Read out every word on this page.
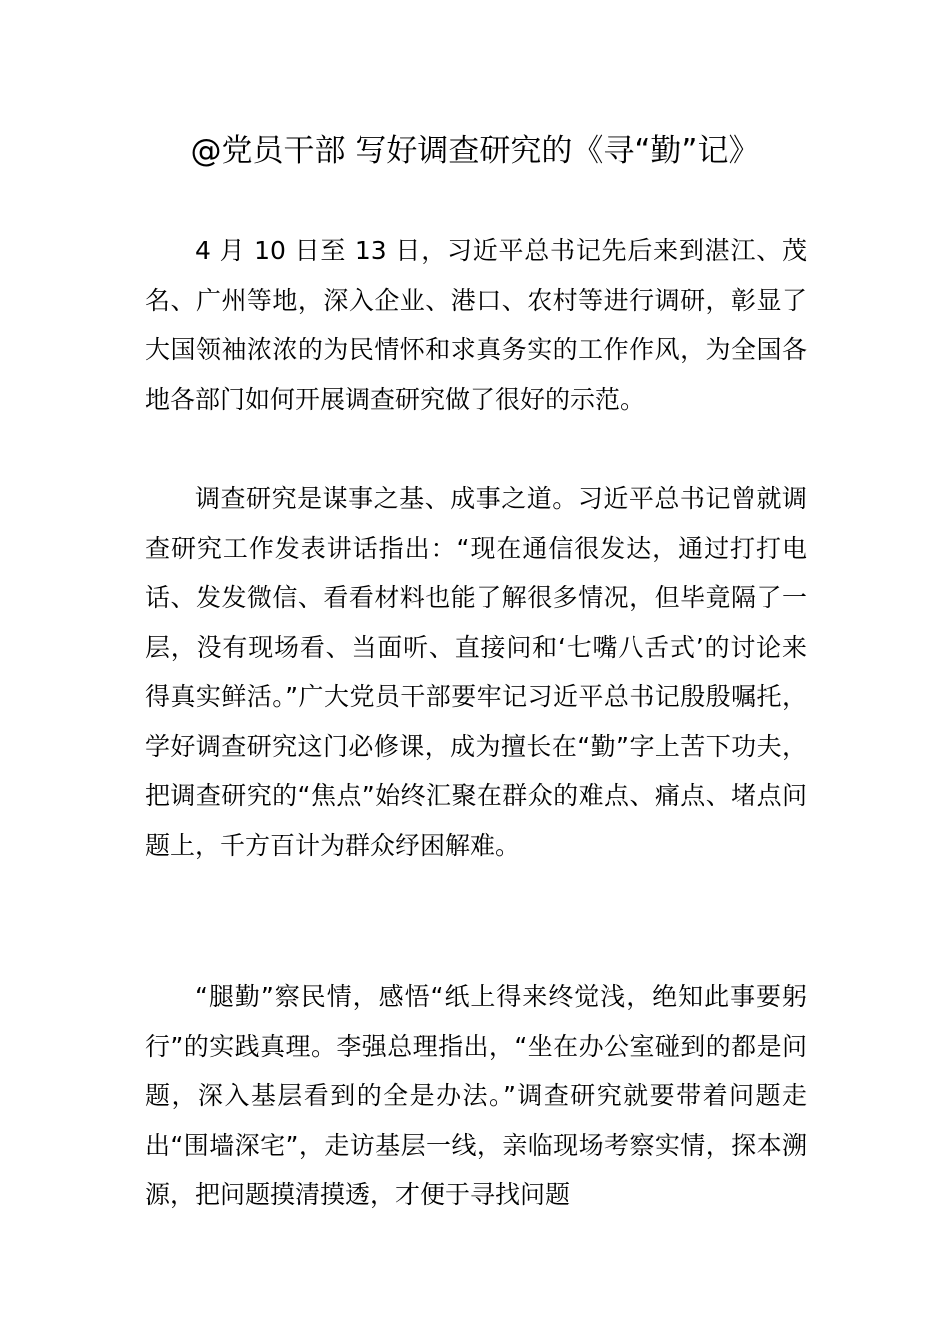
@党员干部 写好调查研究的《寻“勤”记》

4 月 10 日至 13 日，习近平总书记先后来到湛江、茂名、广州等地，深入企业、港口、农村等进行调研，彰显了大国领袖浓浓的为民情怀和求真务实的工作作风，为全国各地各部门如何开展调查研究做了很好的示范。

调查研究是谋事之基、成事之道。习近平总书记曾就调查研究工作发表讲话指出：“现在通信很发达，通过打打电话、发发微信、看看材料也能了解很多情况，但毕竟隔了一层，没有现场看、当面听、直接问和‘七嘴八舌式’的讨论来得真实鲜活。”广大党员干部要牢记习近平总书记殷殷嘱托，学好调查研究这门必修课，成为擅长在“勤”字上苦下功夫，把调查研究的“焦点”始终汇聚在群众的难点、痛点、堵点问题上，千方百计为群众纾困解难。

“腿勤”察民情，感悟“纸上得来终觉浅，绝知此事要躬行”的实践真理。李强总理指出，“坐在办公室碰到的都是问题，深入基层看到的全是办法。”调查研究就要带着问题走出“围墙深宅”，走访基层一线，亲临现场考察实情，探本溯源，把问题摸清摸透，才便于寻找问题
